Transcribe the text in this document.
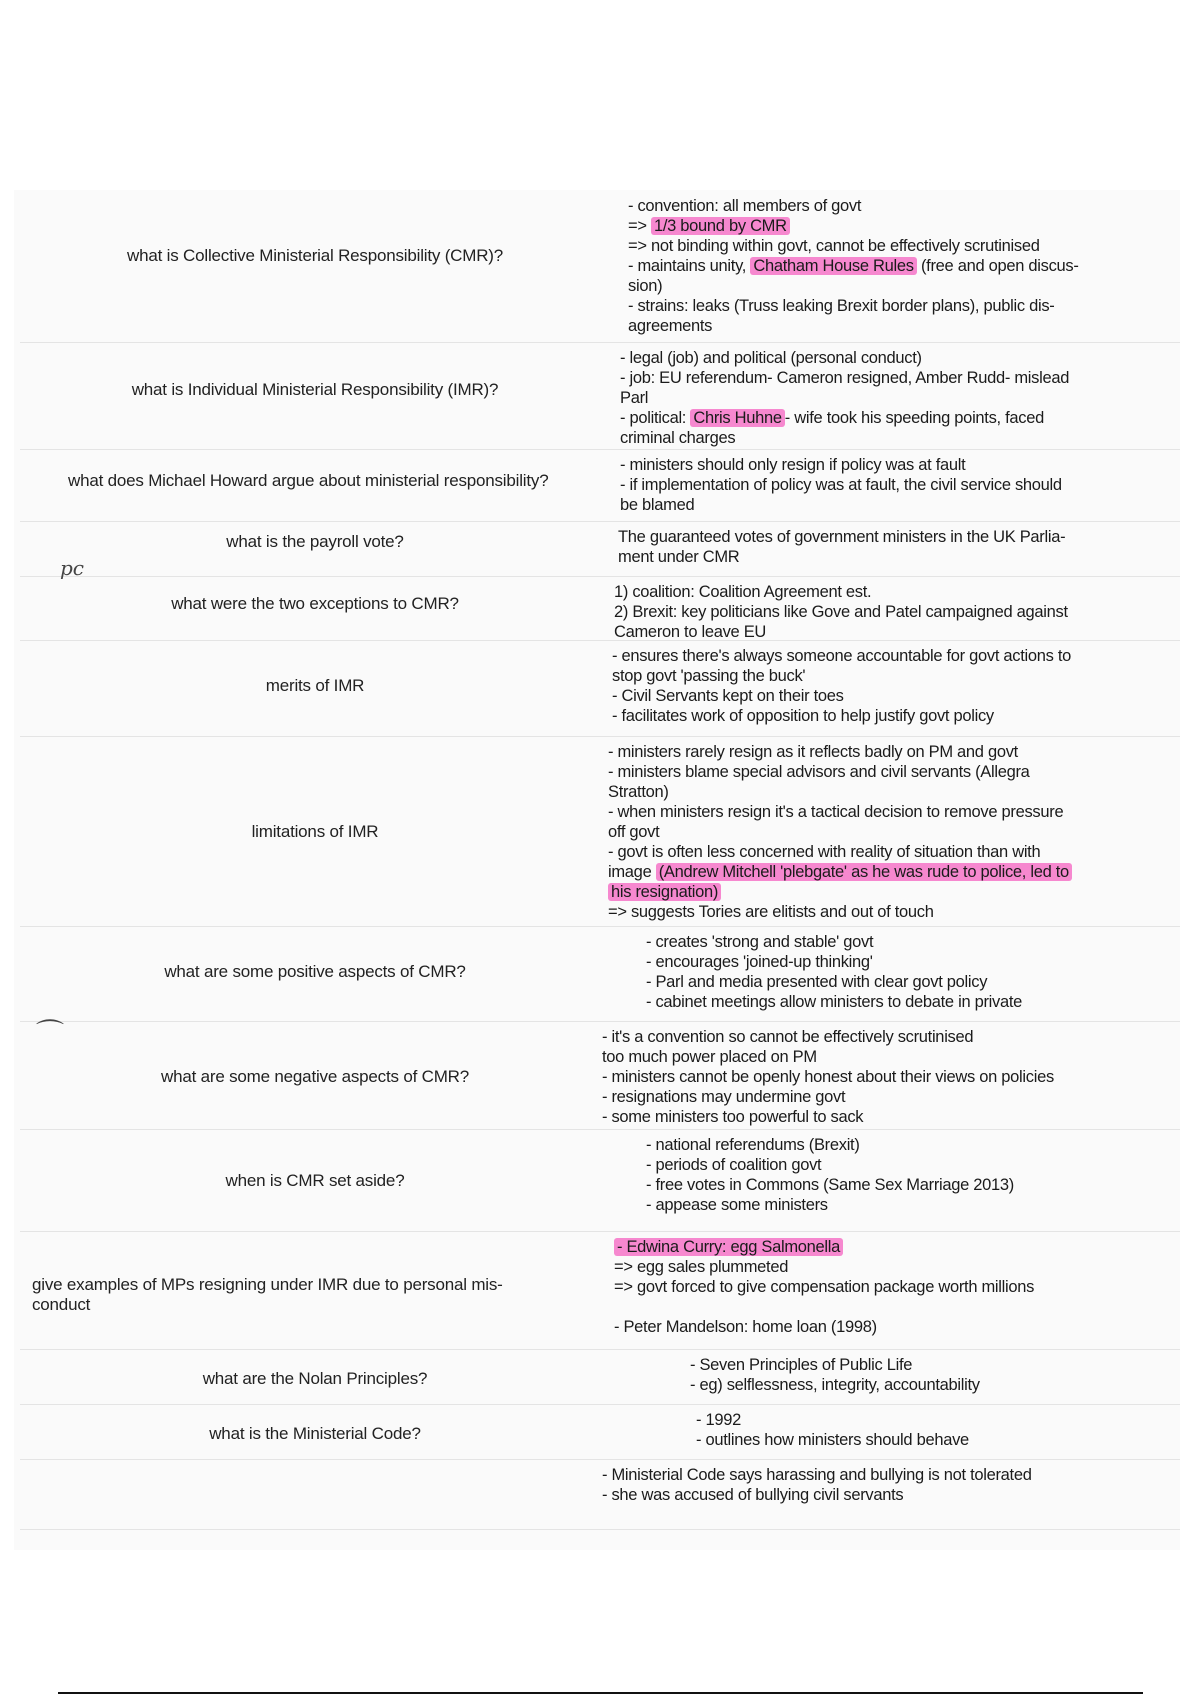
what is Collective Ministerial Responsibility (CMR)?
- convention: all members of govt
=> 1/3 bound by CMR
=> not binding within govt, cannot be effectively scrutinised
- maintains unity, Chatham House Rules (free and open discus-
sion)
- strains: leaks (Truss leaking Brexit border plans), public dis-
agreements
what is Individual Ministerial Responsibility (IMR)?
- legal (job) and political (personal conduct)
- job: EU referendum- Cameron resigned, Amber Rudd- mislead
Parl
- political: Chris Huhne - wife took his speeding points, faced
criminal charges
what does Michael Howard argue about ministerial responsibility?
- ministers should only resign if policy was at fault
- if implementation of policy was at fault, the civil service should
be blamed
what is the payroll vote?	The guaranteed votes of government ministers in the UK Parlia-
ment under CMR
what were the two exceptions to CMR?
1) coalition: Coalition Agreement est.
2) Brexit: key politicians like Gove and Patel campaigned against
Cameron to leave EU
merits of IMR
- ensures there's always someone accountable for govt actions to
stop govt 'passing the buck'
- Civil Servants kept on their toes
- facilitates work of opposition to help justify govt policy
limitations of IMR
- ministers rarely resign as it reflects badly on PM and govt
- ministers blame special advisors and civil servants (Allegra
Stratton)
- when ministers resign it's a tactical decision to remove pressure
off govt
- govt is often less concerned with reality of situation than with
image (Andrew Mitchell 'plebgate' as he was rude to police, led to
his resignation)
=> suggests Tories are elitists and out of touch
what are some positive aspects of CMR?
- creates 'strong and stable' govt
- encourages 'joined-up thinking'
- Parl and media presented with clear govt policy
- cabinet meetings allow ministers to debate in private
what are some negative aspects of CMR?
- it's a convention so cannot be effectively scrutinised
too much power placed on PM
- ministers cannot be openly honest about their views on policies
- resignations may undermine govt
- some ministers too powerful to sack
when is CMR set aside?
- national referendums (Brexit)
- periods of coalition govt
- free votes in Commons (Same Sex Marriage 2013)
- appease some ministers
give examples of MPs resigning under IMR due to personal mis-
conduct
- Edwina Curry: egg Salmonella
=> egg sales plummeted
=> govt forced to give compensation package worth millions
- Peter Mandelson: home loan (1998)
what are the Nolan Principles?
- Seven Principles of Public Life
- eg) selflessness, integrity, accountability
what is the Ministerial Code?
- 1992
- outlines how ministers should behave
- Ministerial Code says harassing and bullying is not tolerated
- she was accused of bullying civil servants
pc
⌒
